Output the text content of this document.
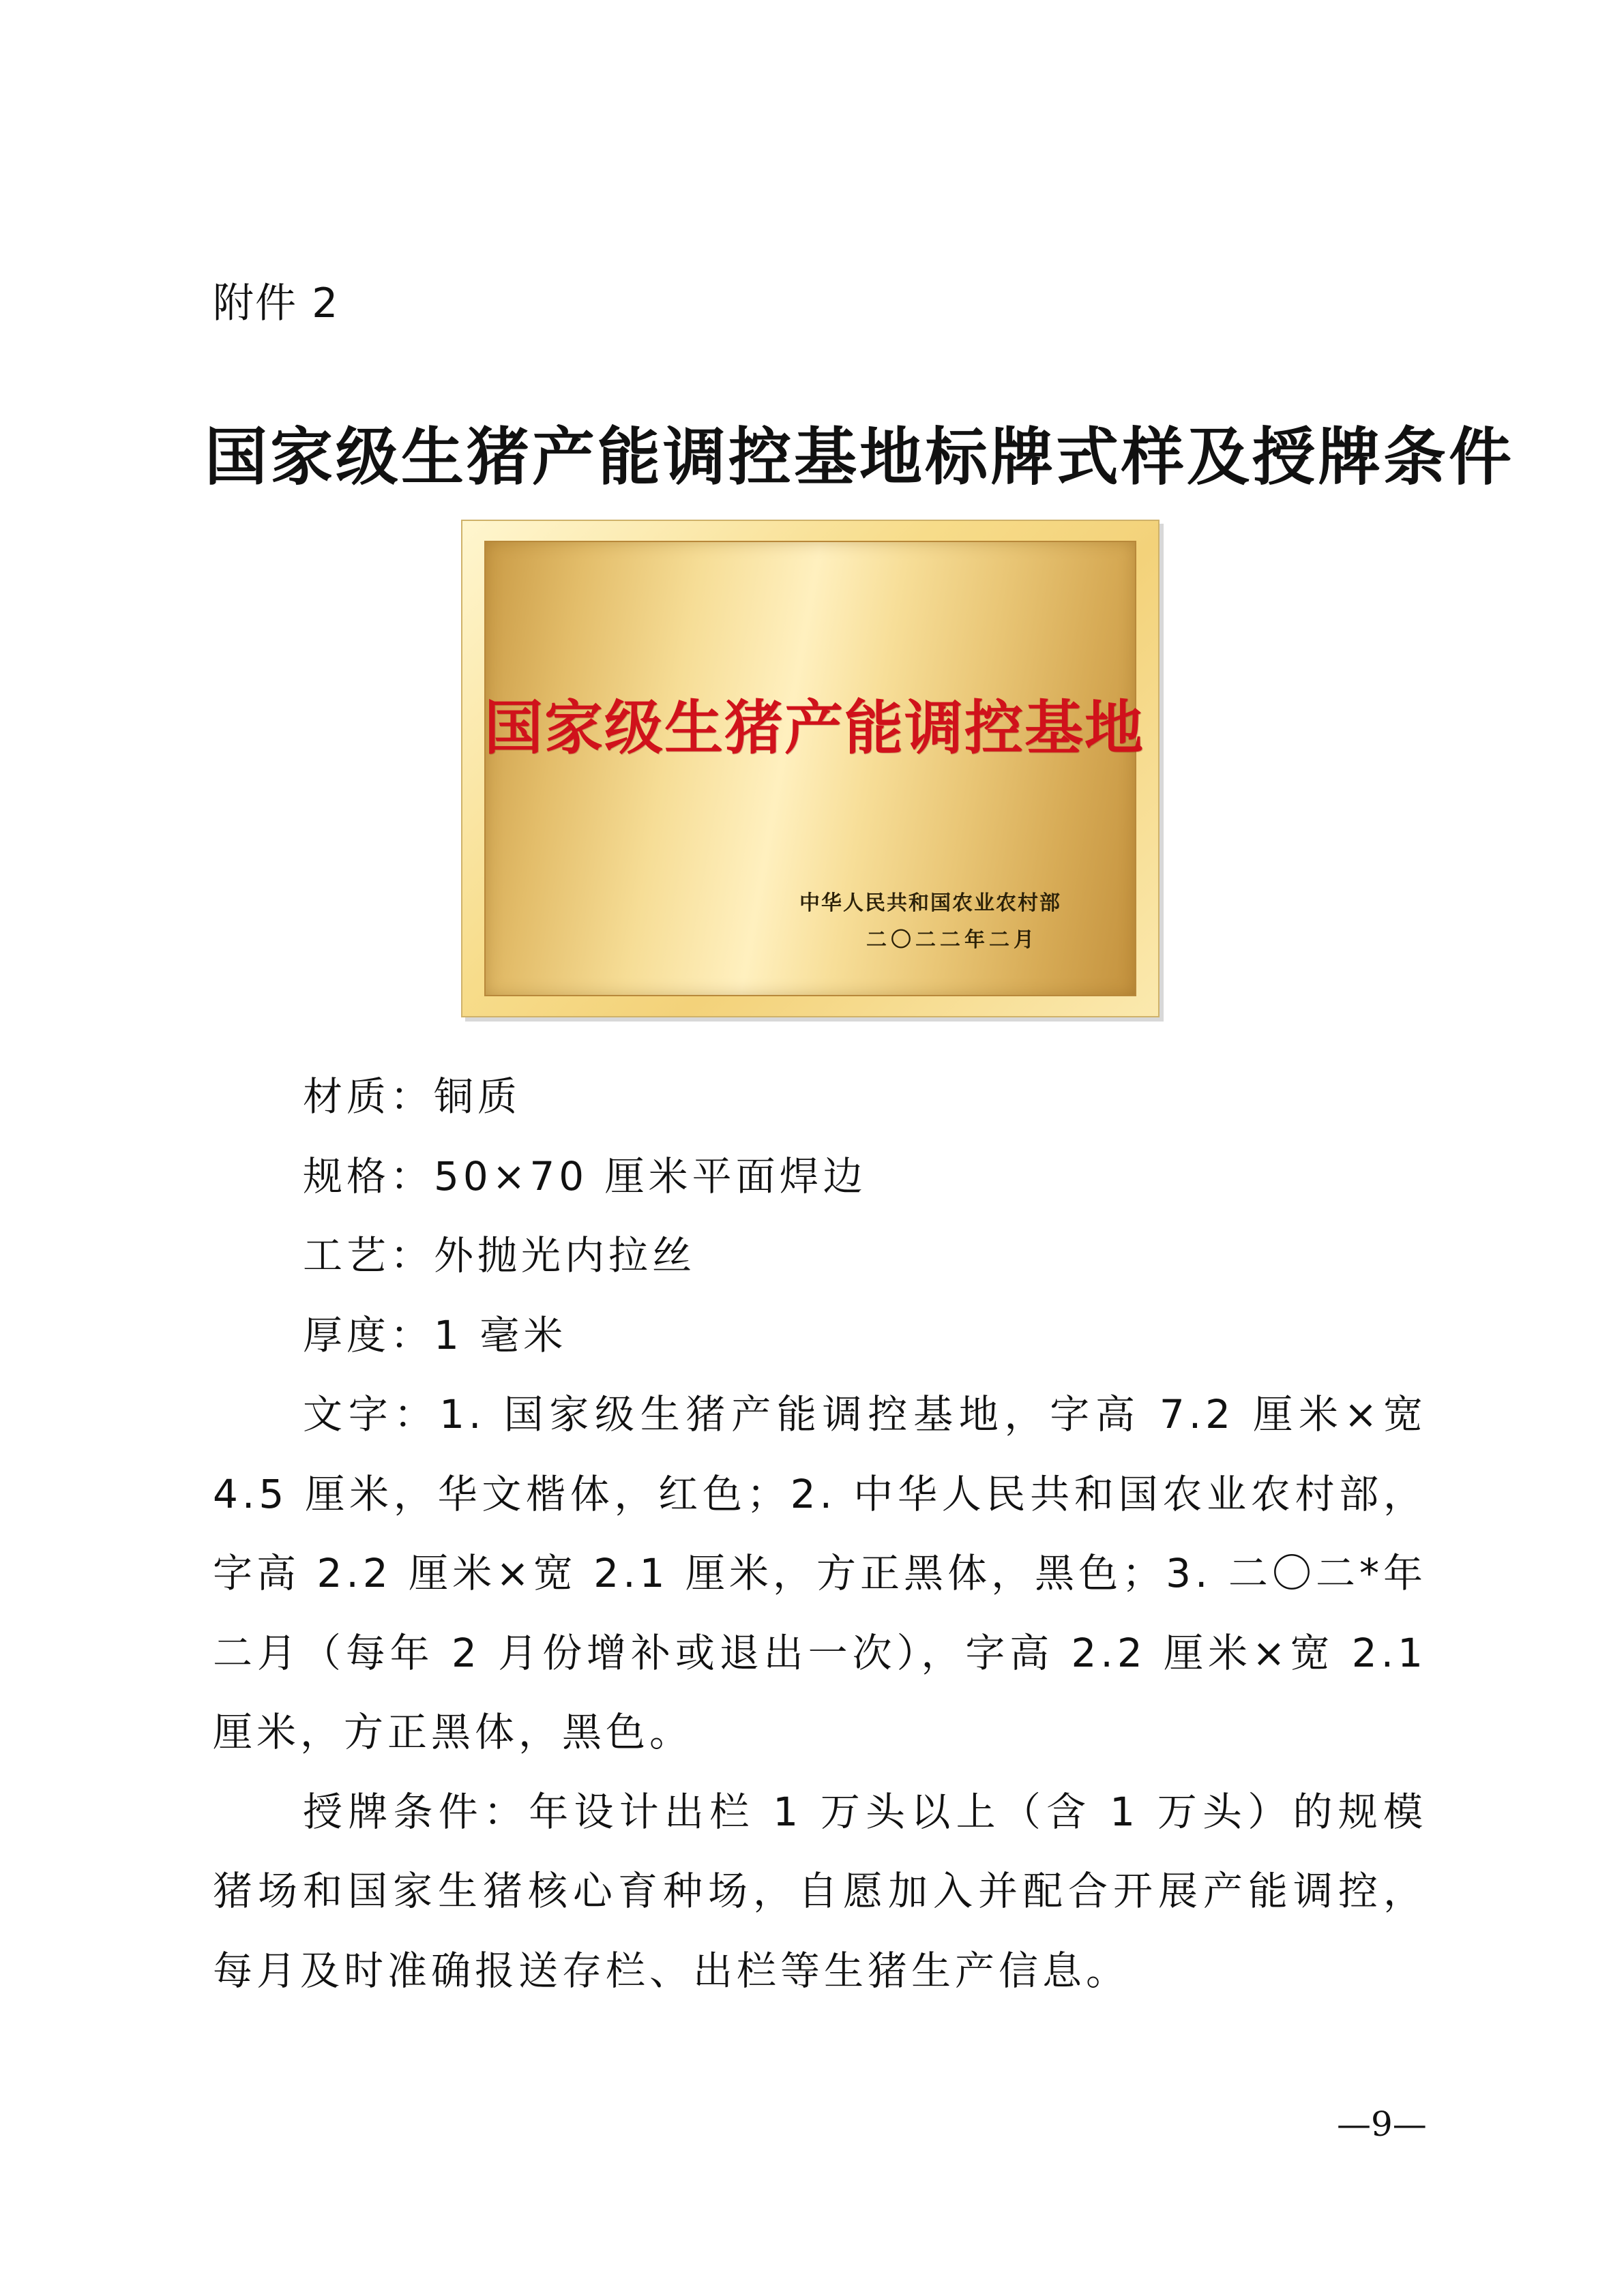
附件 2
国家级生猪产能调控基地标牌式样及授牌条件
国家级生猪产能调控基地
中华人民共和国农业农村部
二〇二二年二月

材质：铜质

规格：50×70 厘米平面焊边

工艺：外抛光内拉丝

厚度：1 毫米

文字：1. 国家级生猪产能调控基地，字高 7.2 厘米×宽 4.5 厘米，华文楷体，红色；2. 中华人民共和国农业农村部，字高 2.2 厘米×宽 2.1 厘米，方正黑体，黑色；3. 二〇二*年二月（每年 2 月份增补或退出一次），字高 2.2 厘米×宽 2.1 厘米，方正黑体，黑色。

授牌条件：年设计出栏 1 万头以上（含 1 万头）的规模猪场和国家生猪核心育种场，自愿加入并配合开展产能调控，每月及时准确报送存栏、出栏等生猪生产信息。

—9—
